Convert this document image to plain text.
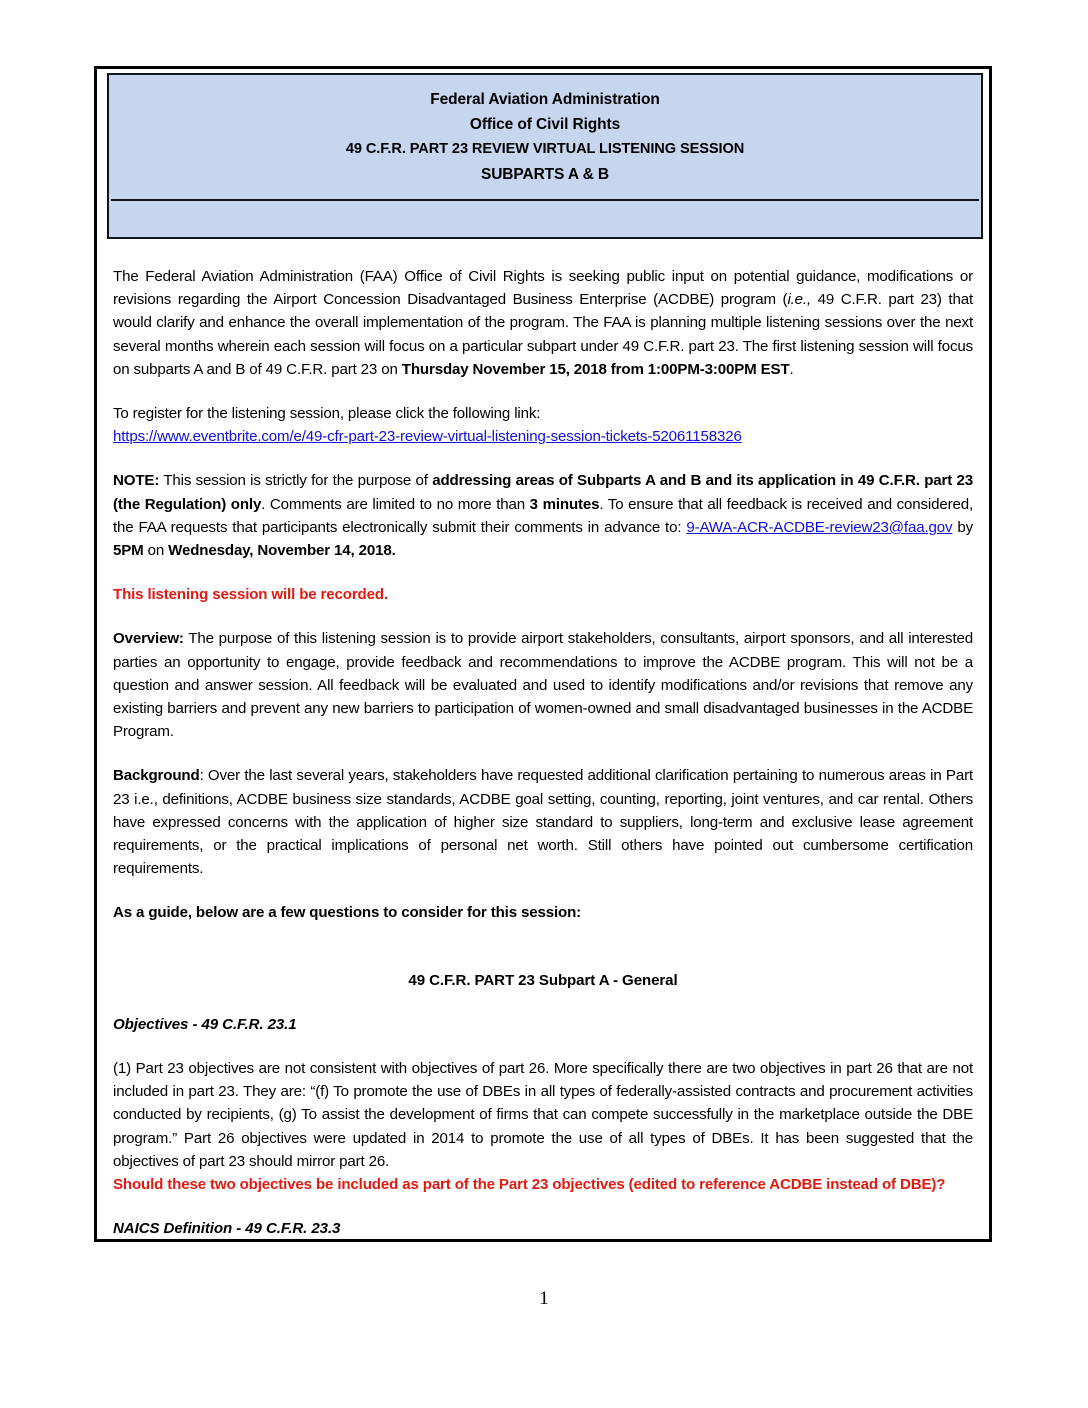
Federal Aviation Administration
Office of Civil Rights
49 C.F.R. PART 23 REVIEW VIRTUAL LISTENING SESSION
SUBPARTS A & B

The Federal Aviation Administration (FAA) Office of Civil Rights is seeking public input on potential guidance, modifications or revisions regarding the Airport Concession Disadvantaged Business Enterprise (ACDBE) program (i.e., 49 C.F.R. part 23) that would clarify and enhance the overall implementation of the program. The FAA is planning multiple listening sessions over the next several months wherein each session will focus on a particular subpart under 49 C.F.R. part 23. The first listening session will focus on subparts A and B of 49 C.F.R. part 23 on Thursday November 15, 2018 from 1:00PM-3:00PM EST.

To register for the listening session, please click the following link:

https://www.eventbrite.com/e/49-cfr-part-23-review-virtual-listening-session-tickets-52061158326

NOTE: This session is strictly for the purpose of addressing areas of Subparts A and B and its application in 49 C.F.R. part 23 (the Regulation) only. Comments are limited to no more than 3 minutes. To ensure that all feedback is received and considered, the FAA requests that participants electronically submit their comments in advance to: 9-AWA-ACR-ACDBE-review23@faa.gov by 5PM on Wednesday, November 14, 2018.

This listening session will be recorded.

Overview: The purpose of this listening session is to provide airport stakeholders, consultants, airport sponsors, and all interested parties an opportunity to engage, provide feedback and recommendations to improve the ACDBE program. This will not be a question and answer session. All feedback will be evaluated and used to identify modifications and/or revisions that remove any existing barriers and prevent any new barriers to participation of women-owned and small disadvantaged businesses in the ACDBE Program.

Background: Over the last several years, stakeholders have requested additional clarification pertaining to numerous areas in Part 23 i.e., definitions, ACDBE business size standards, ACDBE goal setting, counting, reporting, joint ventures, and car rental. Others have expressed concerns with the application of higher size standard to suppliers, long-term and exclusive lease agreement requirements, or the practical implications of personal net worth. Still others have pointed out cumbersome certification requirements.

As a guide, below are a few questions to consider for this session:

49 C.F.R. PART 23 Subpart A - General

Objectives - 49 C.F.R. 23.1

(1) Part 23 objectives are not consistent with objectives of part 26. More specifically there are two objectives in part 26 that are not included in part 23. They are: “(f) To promote the use of DBEs in all types of federally-assisted contracts and procurement activities conducted by recipients, (g) To assist the development of firms that can compete successfully in the marketplace outside the DBE program.” Part 26 objectives were updated in 2014 to promote the use of all types of DBEs. It has been suggested that the objectives of part 23 should mirror part 26.

Should these two objectives be included as part of the Part 23 objectives (edited to reference ACDBE instead of DBE)?

NAICS Definition - 49 C.F.R. 23.3

1
